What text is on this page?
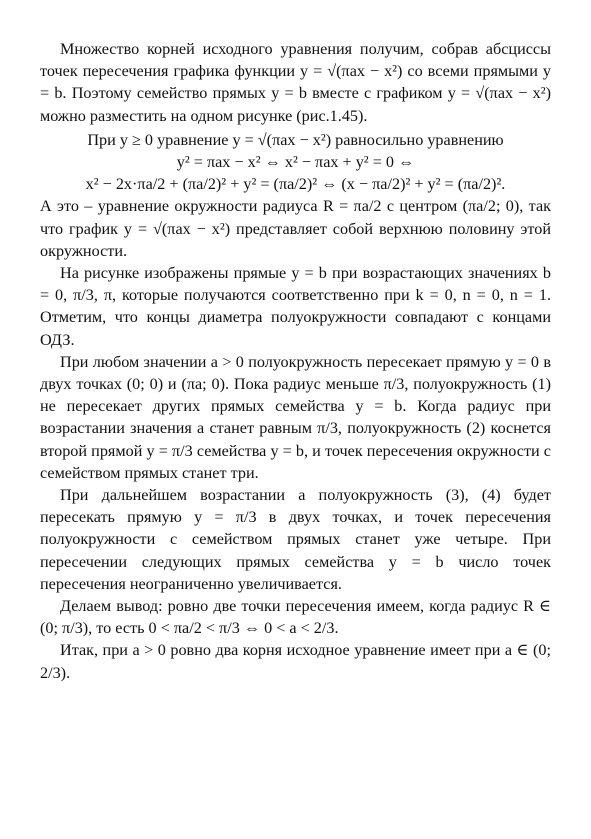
Множество корней исходного уравнения получим, собрав абсциссы точек пересечения графика функции y = √(πax − x²) со всеми прямыми y = b. Поэтому семейство прямых y = b вместе с графиком y = √(πax − x²) можно разместить на одном рисунке (рис.1.45).

При y ≥ 0 уравнение y = √(πax − x²) равносильно уравнению

y² = πax − x² ⇔ x² − πax + y² = 0 ⇔

x² − 2x·πa/2 + (πa/2)² + y² = (πa/2)² ⇔ (x − πa/2)² + y² = (πa/2)².

А это – уравнение окружности радиуса R = πa/2 с центром (πa/2; 0), так что график y = √(πax − x²) представляет собой верхнюю половину этой окружности.

На рисунке изображены прямые y = b при возрастающих значениях b = 0, π/3, π, которые получаются соответственно при k = 0, n = 0, n = 1. Отметим, что концы диаметра полуокружности совпадают с концами ОДЗ.

При любом значении a > 0 полуокружность пересекает прямую y = 0 в двух точках (0; 0) и (πa; 0). Пока радиус меньше π/3, полуокружность (1) не пересекает других прямых семейства y = b. Когда радиус при возрастании значения a станет равным π/3, полуокружность (2) коснется второй прямой y = π/3 семейства y = b, и точек пересечения окружности с семейством прямых станет три.

При дальнейшем возрастании a полуокружность (3), (4) будет пересекать прямую y = π/3 в двух точках, и точек пересечения полуокружности с семейством прямых станет уже четыре. При пересечении следующих прямых семейства y = b число точек пересечения неограниченно увеличивается.

Делаем вывод: ровно две точки пересечения имеем, когда радиус R ∈ (0; π/3), то есть 0 < πa/2 < π/3 ⇔ 0 < a < 2/3.

Итак, при a > 0 ровно два корня исходное уравнение имеет при a ∈ (0; 2/3).
